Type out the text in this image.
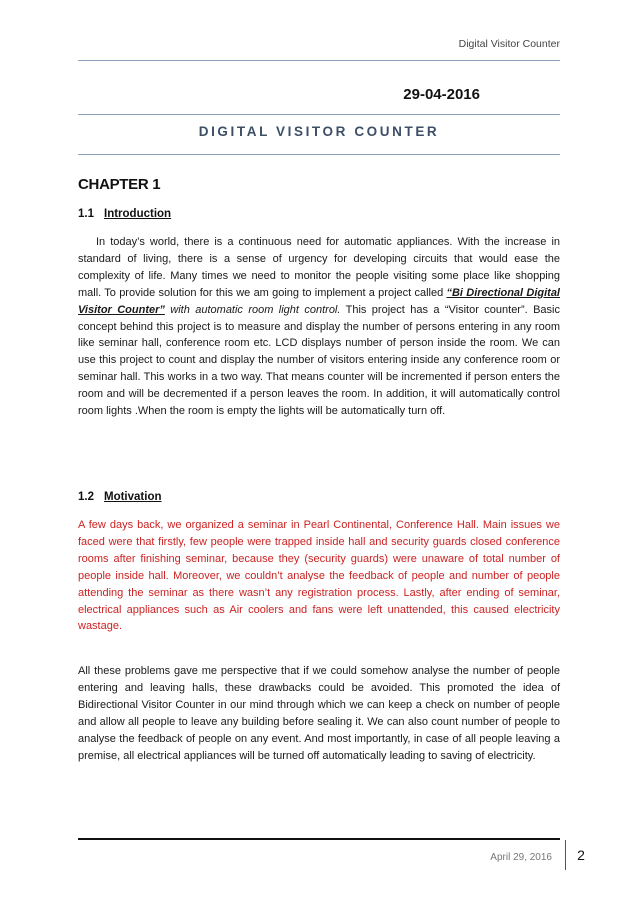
Digital Visitor Counter
29-04-2016
DIGITAL VISITOR COUNTER
CHAPTER 1
1.1 Introduction

In today’s world, there is a continuous need for automatic appliances. With the increase in standard of living, there is a sense of urgency for developing circuits that would ease the complexity of life. Many times we need to monitor the people visiting some place like shopping mall. To provide solution for this we am going to implement a project called “Bi Directional Digital Visitor Counter” with automatic room light control. This project has a “Visitor counter”. Basic concept behind this project is to measure and display the number of persons entering in any room like seminar hall, conference room etc. LCD displays number of person inside the room. We can use this project to count and display the number of visitors entering inside any conference room or seminar hall. This works in a two way. That means counter will be incremented if person enters the room and will be decremented if a person leaves the room. In addition, it will automatically control room lights .When the room is empty the lights will be automatically turn off.

1.2 Motivation

A few days back, we organized a seminar in Pearl Continental, Conference Hall. Main issues we faced were that firstly, few people were trapped inside hall and security guards closed conference rooms after finishing seminar, because they (security guards) were unaware of total number of people inside hall. Moreover, we couldn’t analyse the feedback of people and number of people attending the seminar as there wasn’t any registration process. Lastly, after ending of seminar, electrical appliances such as Air coolers and fans were left unattended, this caused electricity wastage.

All these problems gave me perspective that if we could somehow analyse the number of people entering and leaving halls, these drawbacks could be avoided. This promoted the idea of Bidirectional Visitor Counter in our mind through which we can keep a check on number of people and allow all people to leave any building before sealing it. We can also count number of people to analyse the feedback of people on any event. And most importantly, in case of all people leaving a premise, all electrical appliances will be turned off automatically leading to saving of electricity.

April 29, 2016	2
